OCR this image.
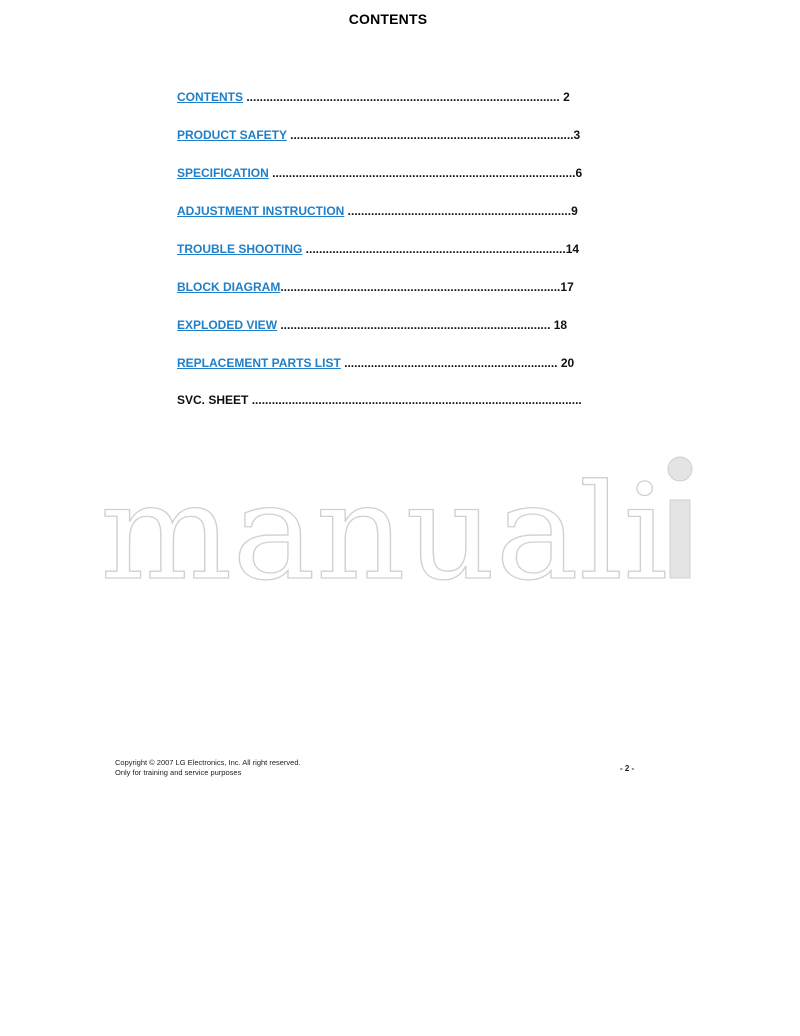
CONTENTS
CONTENTS .............................................................................................. 2
PRODUCT SAFETY .....................................................................................3
SPECIFICATION ...........................................................................................6
ADJUSTMENT INSTRUCTION ...................................................................9
TROUBLE SHOOTING ..............................................................................14
BLOCK DIAGRAM....................................................................................17
EXPLODED VIEW ................................................................................. 18
REPLACEMENT PARTS LIST ................................................................ 20
SVC. SHEET ...................................................................................................
manuali
Copyright © 2007 LG Electronics, Inc. All right reserved.
Only for training and service purposes	- 2 -
